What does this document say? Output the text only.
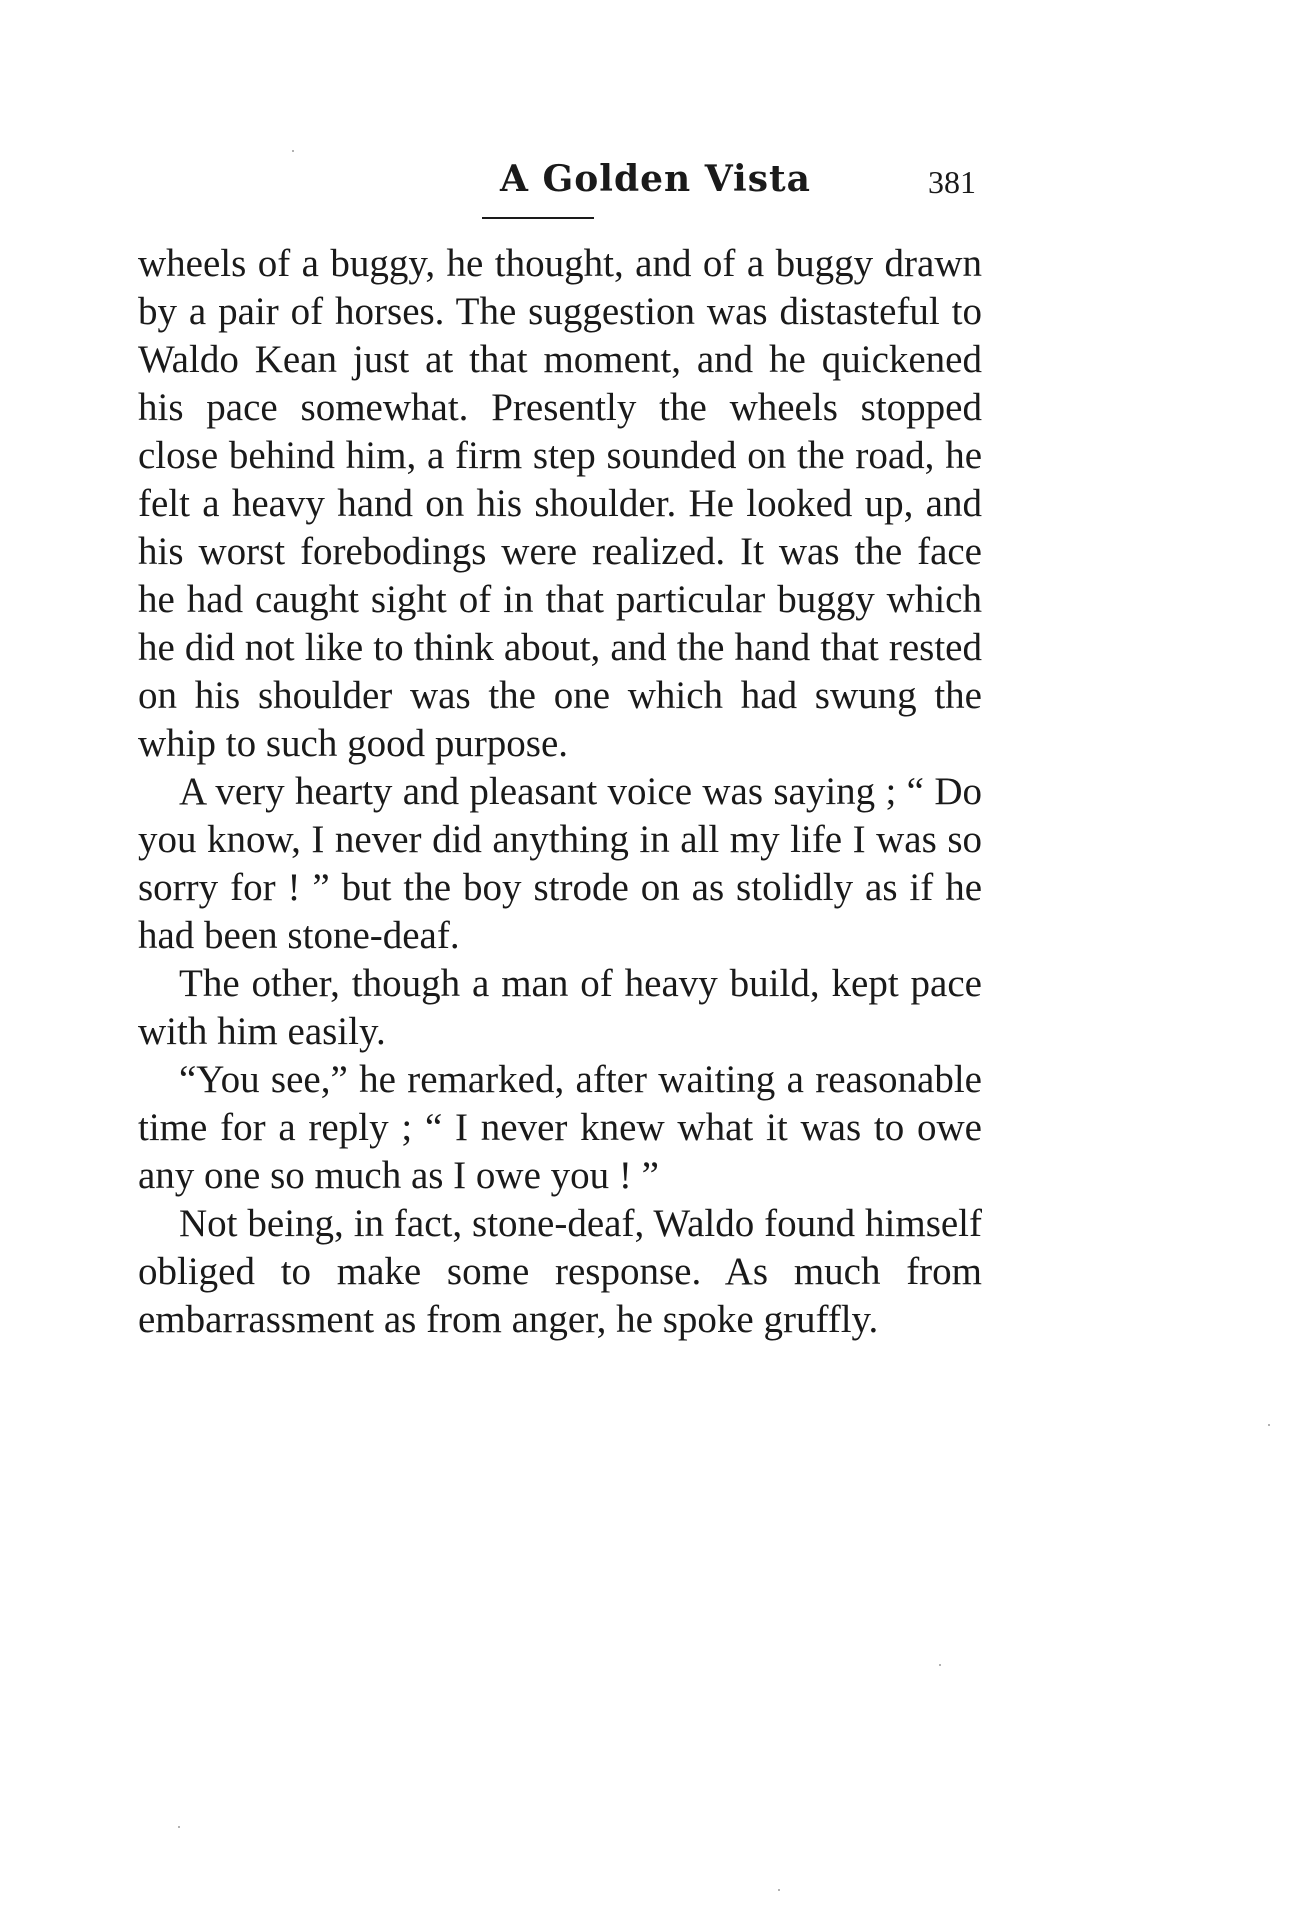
A Golden Vista	381

wheels of a buggy, he thought, and of a buggy drawn by a pair of horses. The suggestion was distasteful to Waldo Kean just at that moment, and he quickened his pace somewhat. Presently the wheels stopped close behind him, a firm step sounded on the road, he felt a heavy hand on his shoulder. He looked up, and his worst forebodings were realized. It was the face he had caught sight of in that particular buggy which he did not like to think about, and the hand that rested on his shoulder was the one which had swung the whip to such good purpose.

A very hearty and pleasant voice was saying ; “ Do you know, I never did anything in all my life I was so sorry for ! ” but the boy strode on as stolidly as if he had been stone-deaf.

The other, though a man of heavy build, kept pace with him easily.

“You see,” he remarked, after waiting a reasonable time for a reply ; “ I never knew what it was to owe any one so much as I owe you ! ”

Not being, in fact, stone-deaf, Waldo found himself obliged to make some response. As much from embarrassment as from anger, he spoke gruffly.
